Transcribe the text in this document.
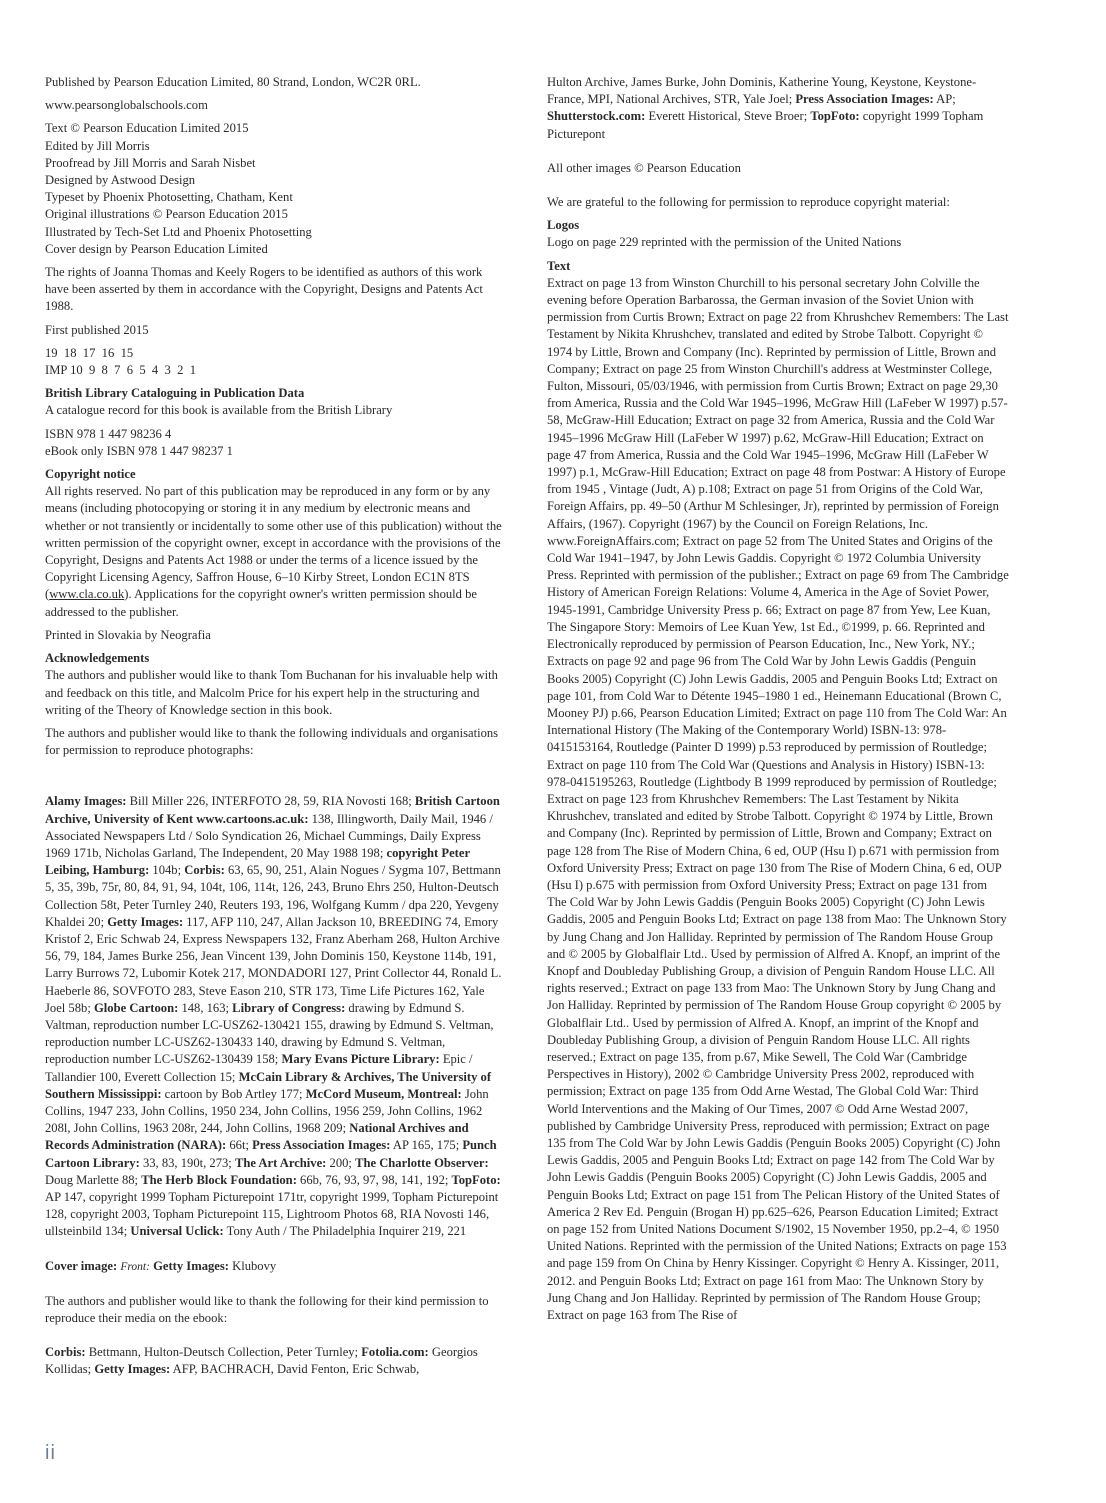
Published by Pearson Education Limited, 80 Strand, London, WC2R 0RL.

www.pearsonglobalschools.com

Text © Pearson Education Limited 2015

Edited by Jill Morris

Proofread by Jill Morris and Sarah Nisbet

Designed by Astwood Design

Typeset by Phoenix Photosetting, Chatham, Kent

Original illustrations © Pearson Education 2015

Illustrated by Tech-Set Ltd and Phoenix Photosetting

Cover design by Pearson Education Limited

The rights of Joanna Thomas and Keely Rogers to be identified as authors of this work have been asserted by them in accordance with the Copyright, Designs and Patents Act 1988.

First published 2015

19  18  17  16  15

IMP 10  9  8  7  6  5  4  3  2  1

British Library Cataloguing in Publication Data

A catalogue record for this book is available from the British Library

ISBN 978 1 447 98236 4

eBook only ISBN 978 1 447 98237 1

Copyright notice

All rights reserved. No part of this publication may be reproduced in any form or by any means (including photocopying or storing it in any medium by electronic means and whether or not transiently or incidentally to some other use of this publication) without the written permission of the copyright owner, except in accordance with the provisions of the Copyright, Designs and Patents Act 1988 or under the terms of a licence issued by the Copyright Licensing Agency, Saffron House, 6–10 Kirby Street, London EC1N 8TS (www.cla.co.uk). Applications for the copyright owner's written permission should be addressed to the publisher.

Printed in Slovakia by Neografia

Acknowledgements

The authors and publisher would like to thank Tom Buchanan for his invaluable help with and feedback on this title, and Malcolm Price for his expert help in the structuring and writing of the Theory of Knowledge section in this book.

The authors and publisher would like to thank the following individuals and organisations for permission to reproduce photographs:

Alamy Images: Bill Miller 226, INTERFOTO 28, 59, RIA Novosti 168; British Cartoon Archive, University of Kent www.cartoons.ac.uk: 138, Illingworth, Daily Mail, 1946 / Associated Newspapers Ltd / Solo Syndication 26, Michael Cummings, Daily Express 1969 171b, Nicholas Garland, The Independent, 20 May 1988 198; copyright Peter Leibing, Hamburg: 104b; Corbis: 63, 65, 90, 251, Alain Nogues / Sygma 107, Bettmann 5, 35, 39b, 75r, 80, 84, 91, 94, 104t, 106, 114t, 126, 243, Bruno Ehrs 250, Hulton-Deutsch Collection 58t, Peter Turnley 240, Reuters 193, 196, Wolfgang Kumm / dpa 220, Yevgeny Khaldei 20; Getty Images: 117, AFP 110, 247, Allan Jackson 10, BREEDING 74, Emory Kristof 2, Eric Schwab 24, Express Newspapers 132, Franz Aberham 268, Hulton Archive 56, 79, 184, James Burke 256, Jean Vincent 139, John Dominis 150, Keystone 114b, 191, Larry Burrows 72, Lubomir Kotek 217, MONDADORI 127, Print Collector 44, Ronald L. Haeberle 86, SOVFOTO 283, Steve Eason 210, STR 173, Time Life Pictures 162, Yale Joel 58b; Globe Cartoon: 148, 163; Library of Congress: drawing by Edmund S. Valtman, reproduction number LC-USZ62-130421 155, drawing by Edmund S. Veltman, reproduction number LC-USZ62-130433 140, drawing by Edmund S. Veltman, reproduction number LC-USZ62-130439 158; Mary Evans Picture Library: Epic / Tallandier 100, Everett Collection 15; McCain Library & Archives, The University of Southern Mississippi: cartoon by Bob Artley 177; McCord Museum, Montreal: John Collins, 1947 233, John Collins, 1950 234, John Collins, 1956 259, John Collins, 1962 208l, John Collins, 1963 208r, 244, John Collins, 1968 209; National Archives and Records Administration (NARA): 66t; Press Association Images: AP 165, 175; Punch Cartoon Library: 33, 83, 190t, 273; The Art Archive: 200; The Charlotte Observer: Doug Marlette 88; The Herb Block Foundation: 66b, 76, 93, 97, 98, 141, 192; TopFoto: AP 147, copyright 1999 Topham Picturepoint 171tr, copyright 1999, Topham Picturepoint 128, copyright 2003, Topham Picturepoint 115, Lightroom Photos 68, RIA Novosti 146, ullsteinbild 134; Universal Uclick: Tony Auth / The Philadelphia Inquirer 219, 221

Cover image: Front: Getty Images: Klubovy

The authors and publisher would like to thank the following for their kind permission to reproduce their media on the ebook:

Corbis: Bettmann, Hulton-Deutsch Collection, Peter Turnley; Fotolia.com: Georgios Kollidas; Getty Images: AFP, BACHRACH, David Fenton, Eric Schwab,

Hulton Archive, James Burke, John Dominis, Katherine Young, Keystone, Keystone-France, MPI, National Archives, STR, Yale Joel; Press Association Images: AP; Shutterstock.com: Everett Historical, Steve Broer; TopFoto: copyright 1999 Topham Picturepont

All other images © Pearson Education

We are grateful to the following for permission to reproduce copyright material:

Logos

Logo on page 229 reprinted with the permission of the United Nations

Text

Extract on page 13 from Winston Churchill to his personal secretary John Colville the evening before Operation Barbarossa, the German invasion of the Soviet Union with permission from Curtis Brown; Extract on page 22 from Khrushchev Remembers: The Last Testament by Nikita Khrushchev, translated and edited by Strobe Talbott. Copyright © 1974 by Little, Brown and Company (Inc). Reprinted by permission of Little, Brown and Company; Extract on page 25 from Winston Churchill's address at Westminster College, Fulton, Missouri, 05/03/1946, with permission from Curtis Brown; Extract on page 29,30 from America, Russia and the Cold War 1945–1996, McGraw Hill (LaFeber W 1997) p.57-58, McGraw-Hill Education; Extract on page 32 from America, Russia and the Cold War 1945–1996 McGraw Hill (LaFeber W 1997) p.62, McGraw-Hill Education; Extract on page 47 from America, Russia and the Cold War 1945–1996, McGraw Hill (LaFeber W 1997) p.1, McGraw-Hill Education; Extract on page 48 from Postwar: A History of Europe from 1945 , Vintage (Judt, A) p.108; Extract on page 51 from Origins of the Cold War, Foreign Affairs, pp. 49–50 (Arthur M Schlesinger, Jr), reprinted by permission of Foreign Affairs, (1967). Copyright (1967) by the Council on Foreign Relations, Inc. www.ForeignAffairs.com; Extract on page 52 from The United States and Origins of the Cold War 1941–1947, by John Lewis Gaddis. Copyright © 1972 Columbia University Press. Reprinted with permission of the publisher.; Extract on page 69 from The Cambridge History of American Foreign Relations: Volume 4, America in the Age of Soviet Power, 1945-1991, Cambridge University Press p. 66; Extract on page 87 from Yew, Lee Kuan, The Singapore Story: Memoirs of Lee Kuan Yew, 1st Ed., ©1999, p. 66. Reprinted and Electronically reproduced by permission of Pearson Education, Inc., New York, NY.; Extracts on page 92 and page 96 from The Cold War by John Lewis Gaddis (Penguin Books 2005) Copyright (C) John Lewis Gaddis, 2005 and Penguin Books Ltd; Extract on page 101, from Cold War to Détente 1945–1980 1 ed., Heinemann Educational (Brown C, Mooney PJ) p.66, Pearson Education Limited; Extract on page 110 from The Cold War: An International History (The Making of the Contemporary World) ISBN-13: 978-0415153164, Routledge (Painter D 1999) p.53 reproduced by permission of Routledge; Extract on page 110 from The Cold War (Questions and Analysis in History) ISBN-13: 978-0415195263, Routledge (Lightbody B 1999 reproduced by permission of Routledge; Extract on page 123 from Khrushchev Remembers: The Last Testament by Nikita Khrushchev, translated and edited by Strobe Talbott. Copyright © 1974 by Little, Brown and Company (Inc). Reprinted by permission of Little, Brown and Company; Extract on page 128 from The Rise of Modern China, 6 ed, OUP (Hsu I) p.671 with permission from Oxford University Press; Extract on page 130 from The Rise of Modern China, 6 ed, OUP (Hsu I) p.675 with permission from Oxford University Press; Extract on page 131 from The Cold War by John Lewis Gaddis (Penguin Books 2005) Copyright (C) John Lewis Gaddis, 2005 and Penguin Books Ltd; Extract on page 138 from Mao: The Unknown Story by Jung Chang and Jon Halliday. Reprinted by permission of The Random House Group and © 2005 by Globalflair Ltd.. Used by permission of Alfred A. Knopf, an imprint of the Knopf and Doubleday Publishing Group, a division of Penguin Random House LLC. All rights reserved.; Extract on page 133 from Mao: The Unknown Story by Jung Chang and Jon Halliday. Reprinted by permission of The Random House Group copyright © 2005 by Globalflair Ltd.. Used by permission of Alfred A. Knopf, an imprint of the Knopf and Doubleday Publishing Group, a division of Penguin Random House LLC. All rights reserved.; Extract on page 135, from p.67, Mike Sewell, The Cold War (Cambridge Perspectives in History), 2002 © Cambridge University Press 2002, reproduced with permission; Extract on page 135 from Odd Arne Westad, The Global Cold War: Third World Interventions and the Making of Our Times, 2007 © Odd Arne Westad 2007, published by Cambridge University Press, reproduced with permission; Extract on page 135 from The Cold War by John Lewis Gaddis (Penguin Books 2005) Copyright (C) John Lewis Gaddis, 2005 and Penguin Books Ltd; Extract on page 142 from The Cold War by John Lewis Gaddis (Penguin Books 2005) Copyright (C) John Lewis Gaddis, 2005 and Penguin Books Ltd; Extract on page 151 from The Pelican History of the United States of America 2 Rev Ed. Penguin (Brogan H) pp.625–626, Pearson Education Limited; Extract on page 152 from United Nations Document S/1902, 15 November 1950, pp.2–4, © 1950 United Nations. Reprinted with the permission of the United Nations; Extracts on page 153 and page 159 from On China by Henry Kissinger. Copyright © Henry A. Kissinger, 2011, 2012. and Penguin Books Ltd; Extract on page 161 from Mao: The Unknown Story by Jung Chang and Jon Halliday. Reprinted by permission of The Random House Group; Extract on page 163 from The Rise of

ii
